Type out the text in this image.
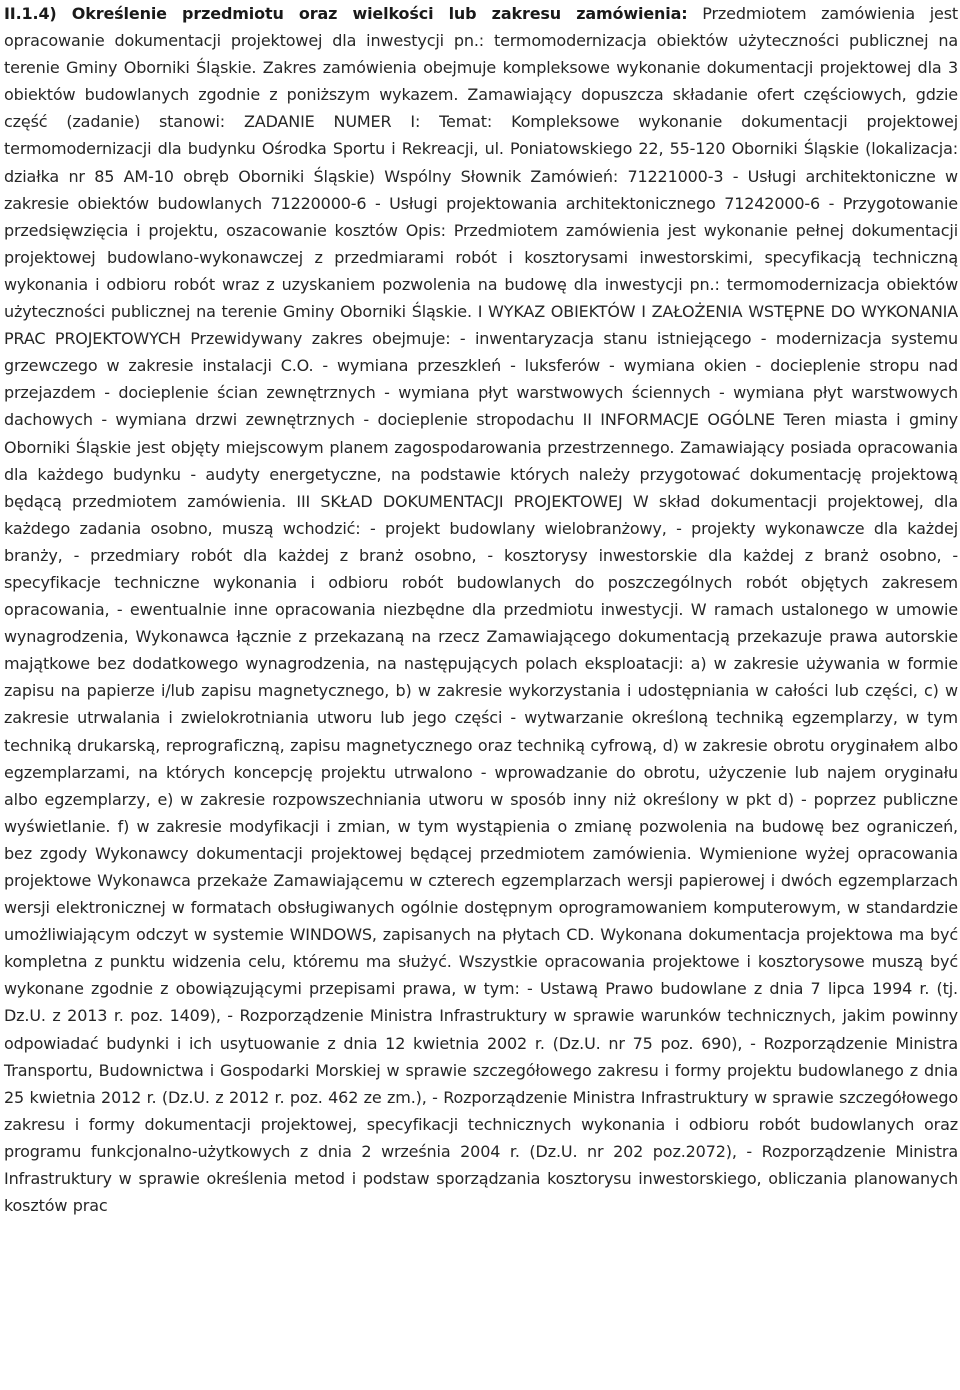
II.1.4) Określenie przedmiotu oraz wielkości lub zakresu zamówienia: Przedmiotem zamówienia jest opracowanie dokumentacji projektowej dla inwestycji pn.: termomodernizacja obiektów użyteczności publicznej na terenie Gminy Oborniki Śląskie. Zakres zamówienia obejmuje kompleksowe wykonanie dokumentacji projektowej dla 3 obiektów budowlanych zgodnie z poniższym wykazem. Zamawiający dopuszcza składanie ofert częściowych, gdzie część (zadanie) stanowi: ZADANIE NUMER I: Temat: Kompleksowe wykonanie dokumentacji projektowej termomodernizacji dla budynku Ośrodka Sportu i Rekreacji, ul. Poniatowskiego 22, 55-120 Oborniki Śląskie (lokalizacja: działka nr 85 AM-10 obręb Oborniki Śląskie) Wspólny Słownik Zamówień: 71221000-3 - Usługi architektoniczne w zakresie obiektów budowlanych 71220000-6 - Usługi projektowania architektonicznego 71242000-6 - Przygotowanie przedsięwzięcia i projektu, oszacowanie kosztów Opis: Przedmiotem zamówienia jest wykonanie pełnej dokumentacji projektowej budowlano-wykonawczej z przedmiarami robót i kosztorysami inwestorskimi, specyfikacją techniczną wykonania i odbioru robót wraz z uzyskaniem pozwolenia na budowę dla inwestycji pn.: termomodernizacja obiektów użyteczności publicznej na terenie Gminy Oborniki Śląskie. I WYKAZ OBIEKTÓW I ZAŁOŻENIA WSTĘPNE DO WYKONANIA PRAC PROJEKTOWYCH Przewidywany zakres obejmuje: - inwentaryzacja stanu istniejącego - modernizacja systemu grzewczego w zakresie instalacji C.O. - wymiana przeszkleń - luksferów - wymiana okien - docieplenie stropu nad przejazdem - docieplenie ścian zewnętrznych - wymiana płyt warstwowych ściennych - wymiana płyt warstwowych dachowych - wymiana drzwi zewnętrznych - docieplenie stropodachu II INFORMACJE OGÓLNE Teren miasta i gminy Oborniki Śląskie jest objęty miejscowym planem zagospodarowania przestrzennego. Zamawiający posiada opracowania dla każdego budynku - audyty energetyczne, na podstawie których należy przygotować dokumentację projektową będącą przedmiotem zamówienia. III SKŁAD DOKUMENTACJI PROJEKTOWEJ W skład dokumentacji projektowej, dla każdego zadania osobno, muszą wchodzić: - projekt budowlany wielobranżowy, - projekty wykonawcze dla każdej branży, - przedmiary robót dla każdej z branż osobno, - kosztorysy inwestorskie dla każdej z branż osobno, - specyfikacje techniczne wykonania i odbioru robót budowlanych do poszczególnych robót objętych zakresem opracowania, - ewentualnie inne opracowania niezbędne dla przedmiotu inwestycji. W ramach ustalonego w umowie wynagrodzenia, Wykonawca łącznie z przekazaną na rzecz Zamawiającego dokumentacją przekazuje prawa autorskie majątkowe bez dodatkowego wynagrodzenia, na następujących polach eksploatacji: a) w zakresie używania w formie zapisu na papierze i/lub zapisu magnetycznego, b) w zakresie wykorzystania i udostępniania w całości lub części, c) w zakresie utrwalania i zwielokrotniania utworu lub jego części - wytwarzanie określoną techniką egzemplarzy, w tym techniką drukarską, reprograficzną, zapisu magnetycznego oraz techniką cyfrową, d) w zakresie obrotu oryginałem albo egzemplarzami, na których koncepcję projektu utrwalono - wprowadzanie do obrotu, użyczenie lub najem oryginału albo egzemplarzy, e) w zakresie rozpowszechniania utworu w sposób inny niż określony w pkt d) - poprzez publiczne wyświetlanie. f) w zakresie modyfikacji i zmian, w tym wystąpienia o zmianę pozwolenia na budowę bez ograniczeń, bez zgody Wykonawcy dokumentacji projektowej będącej przedmiotem zamówienia. Wymienione wyżej opracowania projektowe Wykonawca przekaże Zamawiającemu w czterech egzemplarzach wersji papierowej i dwóch egzemplarzach wersji elektronicznej w formatach obsługiwanych ogólnie dostępnym oprogramowaniem komputerowym, w standardzie umożliwiającym odczyt w systemie WINDOWS, zapisanych na płytach CD. Wykonana dokumentacja projektowa ma być kompletna z punktu widzenia celu, któremu ma służyć. Wszystkie opracowania projektowe i kosztorysowe muszą być wykonane zgodnie z obowiązującymi przepisami prawa, w tym: - Ustawą Prawo budowlane z dnia 7 lipca 1994 r. (tj. Dz.U. z 2013 r. poz. 1409), - Rozporządzenie Ministra Infrastruktury w sprawie warunków technicznych, jakim powinny odpowiadać budynki i ich usytuowanie z dnia 12 kwietnia 2002 r. (Dz.U. nr 75 poz. 690), - Rozporządzenie Ministra Transportu, Budownictwa i Gospodarki Morskiej w sprawie szczegółowego zakresu i formy projektu budowlanego z dnia 25 kwietnia 2012 r. (Dz.U. z 2012 r. poz. 462 ze zm.), - Rozporządzenie Ministra Infrastruktury w sprawie szczegółowego zakresu i formy dokumentacji projektowej, specyfikacji technicznych wykonania i odbioru robót budowlanych oraz programu funkcjonalno-użytkowych z dnia 2 września 2004 r. (Dz.U. nr 202 poz.2072), - Rozporządzenie Ministra Infrastruktury w sprawie określenia metod i podstaw sporządzania kosztorysu inwestorskiego, obliczania planowanych kosztów prac
